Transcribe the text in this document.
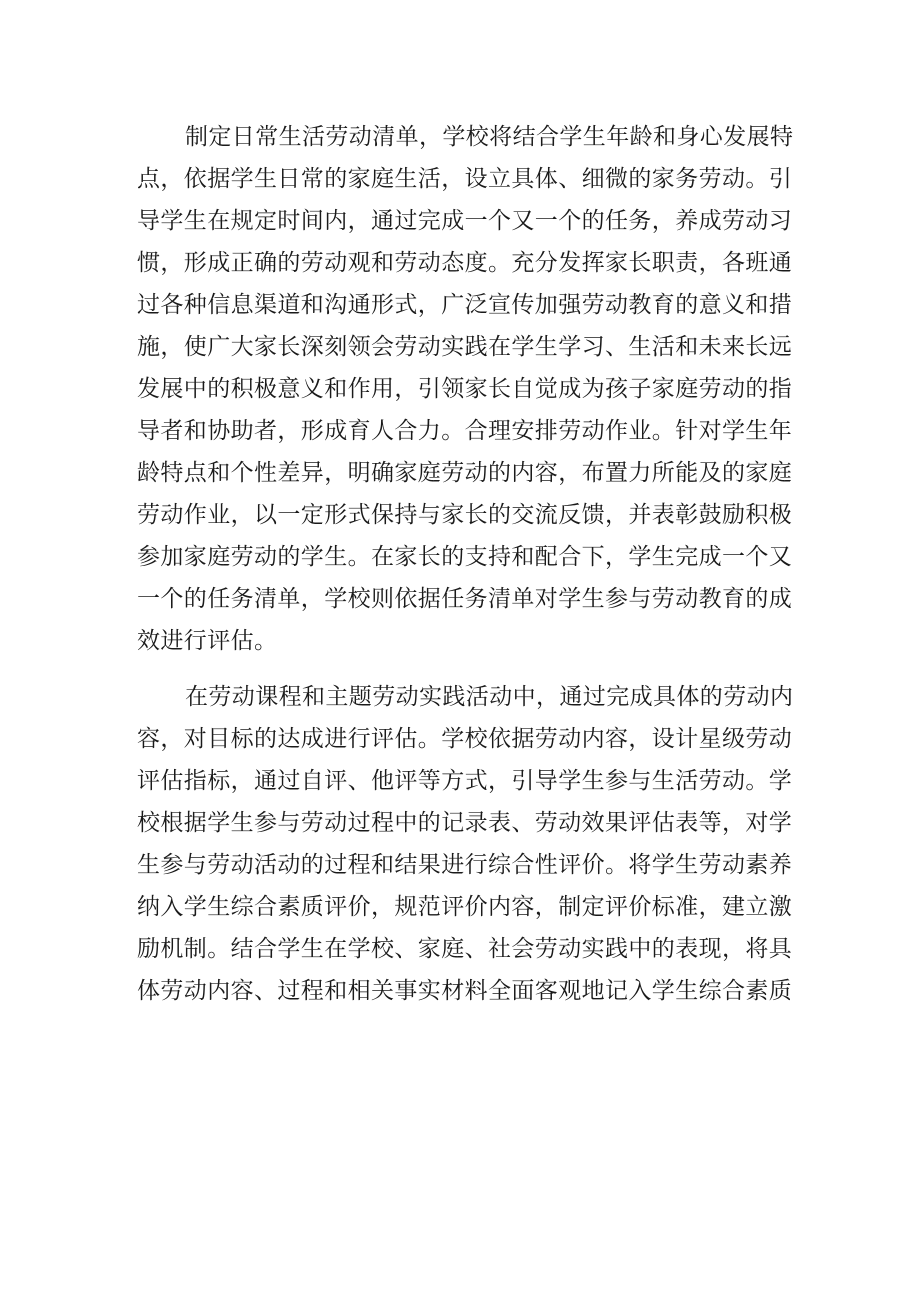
制定日常生活劳动清单，学校将结合学生年龄和身心发展特
点，依据学生日常的家庭生活，设立具体、细微的家务劳动。引
导学生在规定时间内，通过完成一个又一个的任务，养成劳动习
惯，形成正确的劳动观和劳动态度。充分发挥家长职责，各班通
过各种信息渠道和沟通形式，广泛宣传加强劳动教育的意义和措
施，使广大家长深刻领会劳动实践在学生学习、生活和未来长远
发展中的积极意义和作用，引领家长自觉成为孩子家庭劳动的指
导者和协助者，形成育人合力。合理安排劳动作业。针对学生年
龄特点和个性差异，明确家庭劳动的内容，布置力所能及的家庭
劳动作业，以一定形式保持与家长的交流反馈，并表彰鼓励积极
参加家庭劳动的学生。在家长的支持和配合下，学生完成一个又
一个的任务清单，学校则依据任务清单对学生参与劳动教育的成
效进行评估。
在劳动课程和主题劳动实践活动中，通过完成具体的劳动内
容，对目标的达成进行评估。学校依据劳动内容，设计星级劳动
评估指标，通过自评、他评等方式，引导学生参与生活劳动。学
校根据学生参与劳动过程中的记录表、劳动效果评估表等，对学
生参与劳动活动的过程和结果进行综合性评价。将学生劳动素养
纳入学生综合素质评价，规范评价内容，制定评价标准，建立激
励机制。结合学生在学校、家庭、社会劳动实践中的表现，将具
体劳动内容、过程和相关事实材料全面客观地记入学生综合素质
